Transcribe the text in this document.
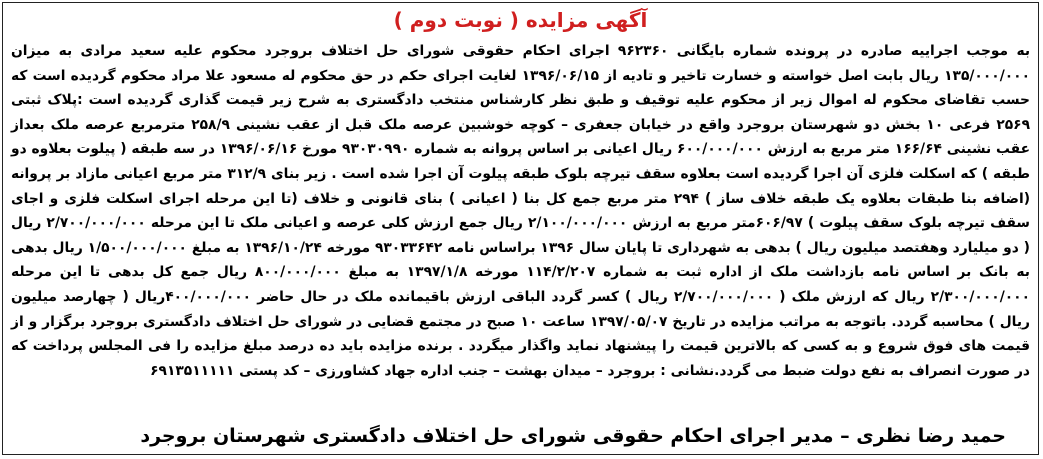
آگهی مزایده ( نوبت دوم )

به موجب اجراییه صادره در پرونده شماره بایگانی ۹۶۲۳۶۰ اجرای احکام حقوقی شورای حل اختلاف بروجرد محکوم علیه سعید مرادی به میزان ۱۳۵/۰۰۰/۰۰۰ ریال بابت اصل خواسته و خسارت تاخیر و تادیه از ۱۳۹۶/۰۶/۱۵ لغایت اجرای حکم در حق محکوم له مسعود علا مراد محکوم گردیده است که حسب تقاضای محکوم له اموال زیر از محکوم علیه توقیف و طبق نظر کارشناس منتخب دادگستری به شرح زیر قیمت گذاری گردیده است :پلاک ثبتی ۲۵۶۹ فرعی ۱۰ بخش دو شهرستان بروجرد واقع در خیابان جعفری – کوچه خوشبین عرصه ملک قبل از عقب نشینی ۲۵۸/۹ مترمربع عرصه ملک بعداز عقب نشینی ۱۶۶/۶۴ متر مربع به ارزش ۶۰۰/۰۰۰/۰۰۰ ریال اعیانی بر اساس پروانه به شماره ۹۳۰۳۰۹۹۰ مورخ ۱۳۹۶/۰۶/۱۶ در سه طبقه ( پیلوت بعلاوه دو طبقه ) که اسکلت فلزی آن اجرا گردیده است بعلاوه سقف تیرچه بلوک طبقه پیلوت آن اجرا شده است . زیر بنای ۳۱۲/۹ متر مربع اعیانی مازاد بر پروانه (اضافه بنا طبقات بعلاوه یک طبقه خلاف ساز ) ۲۹۴ متر مربع جمع کل بنا ( اعیانی ) بنای قانونی و خلاف (تا این مرحله اجرای اسکلت فلزی و اجای سقف تیرچه بلوک سقف پیلوت ) ۶۰۶/۹۷متر مربع به ارزش ۲/۱۰۰/۰۰۰/۰۰۰ ریال جمع ارزش کلی عرصه و اعیانی ملک تا این مرحله ۲/۷۰۰/۰۰۰/۰۰۰ ریال ( دو میلیارد وهفتصد میلیون ریال ) بدهی به شهرداری تا پایان سال ۱۳۹۶ براساس نامه ۹۳۰۳۳۶۴۲ مورخه ۱۳۹۶/۱۰/۲۴ به مبلغ ۱/۵۰۰/۰۰۰/۰۰۰ ریال بدهی به بانک بر اساس نامه بازداشت ملک از اداره ثبت به شماره ۱۱۴/۲/۲۰۷ مورخه ۱۳۹۷/۱/۸ به مبلغ ۸۰۰/۰۰۰/۰۰۰ ریال جمع کل بدهی تا این مرحله ۲/۳۰۰/۰۰۰/۰۰۰ ریال که ارزش ملک ( ۲/۷۰۰/۰۰۰/۰۰۰ ریال ) کسر گردد الباقی ارزش باقیمانده ملک در حال حاضر ۴۰۰/۰۰۰/۰۰۰ریال ( چهارصد میلیون ریال ) محاسبه گردد. باتوجه به مراتب مزایده در تاریخ ۱۳۹۷/۰۵/۰۷ ساعت ۱۰ صبح در مجتمع قضایی در شورای حل اختلاف دادگستری بروجرد برگزار و از قیمت های فوق شروع و به کسی که بالاترین قیمت را پیشنهاد نماید واگذار میگردد . برنده مزایده باید ده درصد مبلغ مزایده را فی المجلس پرداخت که در صورت انصراف به نفع دولت ضبط می گردد.نشانی : بروجرد – میدان بهشت – جنب اداره جهاد کشاورزی – کد پستی ۶۹۱۳۵۱۱۱۱۱

حمید رضا نظری – مدیر اجرای احکام حقوقی شورای حل اختلاف دادگستری شهرستان بروجرد
